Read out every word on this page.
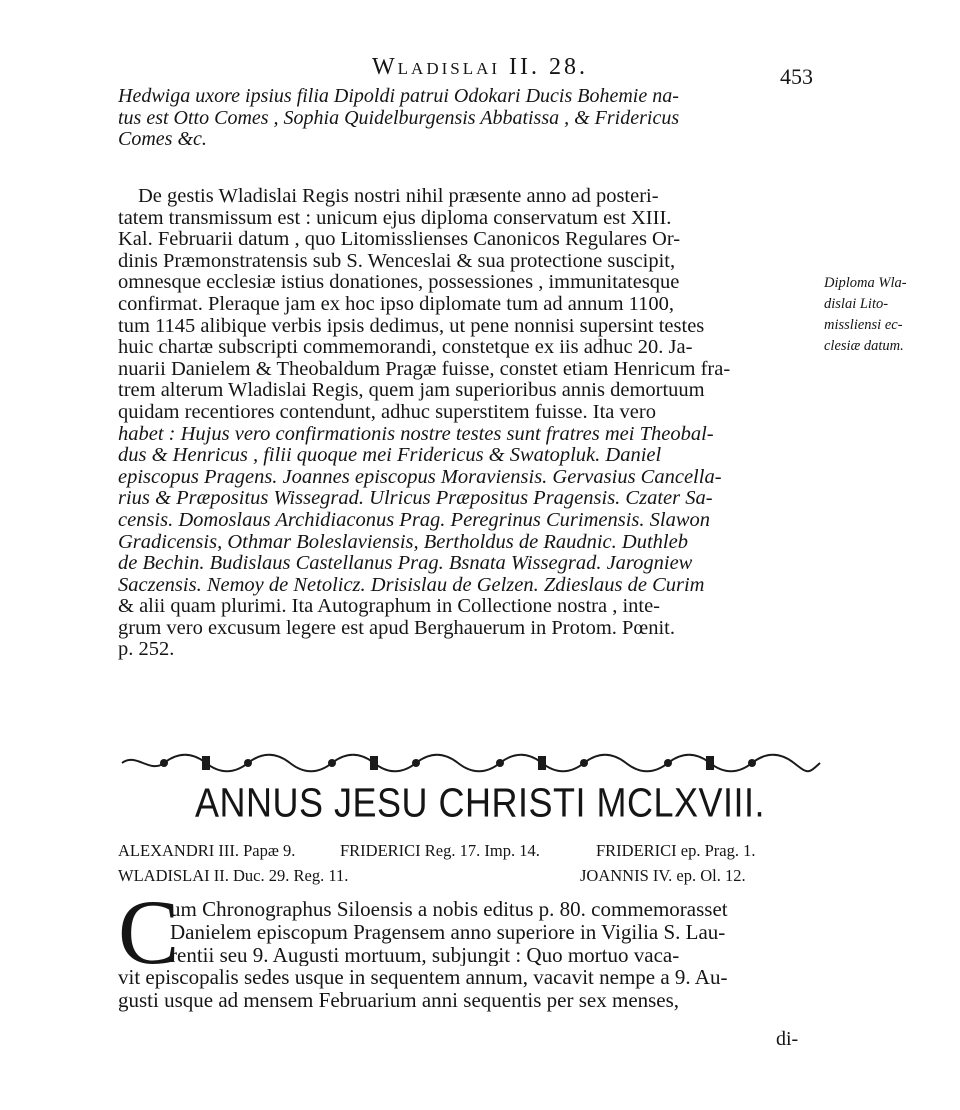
Wladislai II. 28.	453
Hedwiga uxore ipsius filia Dipoldi patrui Odokari Ducis Bohemie na-
tus est Otto Comes , Sophia Quidelburgensis Abbatissa , & Fridericus
Comes &c.
De gestis Wladislai Regis nostri nihil præsente anno ad posteri-
tatem transmissum est : unicum ejus diploma conservatum est XIII.
Kal. Februarii datum , quo Litomisslienses Canonicos Regulares Or-
dinis Præmonstratensis sub S. Wenceslai & sua protectione suscipit,
omnesque ecclesiæ istius donationes, possessiones , immunitatesque
confirmat. Pleraque jam ex hoc ipso diplomate tum ad annum 1100,
tum 1145 alibique verbis ipsis dedimus, ut pene nonnisi supersint testes
huic chartæ subscripti commemorandi, constetque ex iis adhuc 20. Ja-
nuarii Danielem & Theobaldum Pragæ fuisse, constet etiam Henricum fra-
trem alterum Wladislai Regis, quem jam superioribus annis demortuum
quidam recentiores contendunt, adhuc superstitem fuisse. Ita vero
habet : Hujus vero confirmationis nostre testes sunt fratres mei Theobal-
dus & Henricus , filii quoque mei Fridericus & Swatopluk. Daniel
episcopus Pragens. Joannes episcopus Moraviensis. Gervasius Cancella-
rius & Præpositus Wissegrad. Ulricus Præpositus Pragensis. Czater Sa-
censis. Domoslaus Archidiaconus Prag. Peregrinus Curimensis. Slawon
Gradicensis, Othmar Boleslaviensis, Bertholdus de Raudnic. Duthleb
de Bechin. Budislaus Castellanus Prag. Bsnata Wissegrad. Jarogniew
Saczensis. Nemoy de Netolicz. Drisislau de Gelzen. Zdieslaus de Curim
& alii quam plurimi. Ita Autographum in Collectione nostra , inte-
grum vero excusum legere est apud Berghauerum in Protom. Pœnit.
p. 252.
Diploma Wla-
dislai Lito-
missliensi ec-
clesiæ datum.
ANNUS JESU CHRISTI MCLXVIII.
ALEXANDRI III. Papæ 9.	FRIDERICI Reg. 17. Imp. 14.	FRIDERICI ep. Prag. 1.
WLADISLAI II. Duc. 29. Reg. 11.	JOANNIS IV. ep. Ol. 12.
C
um Chronographus Siloensis a nobis editus p. 80. commemorasset
Danielem episcopum Pragensem anno superiore in Vigilia S. Lau-
rentii seu 9. Augusti mortuum, subjungit : Quo mortuo vaca-
vit episcopalis sedes usque in sequentem annum, vacavit nempe a 9. Au-
gusti usque ad mensem Februarium anni sequentis per sex menses,
di-
